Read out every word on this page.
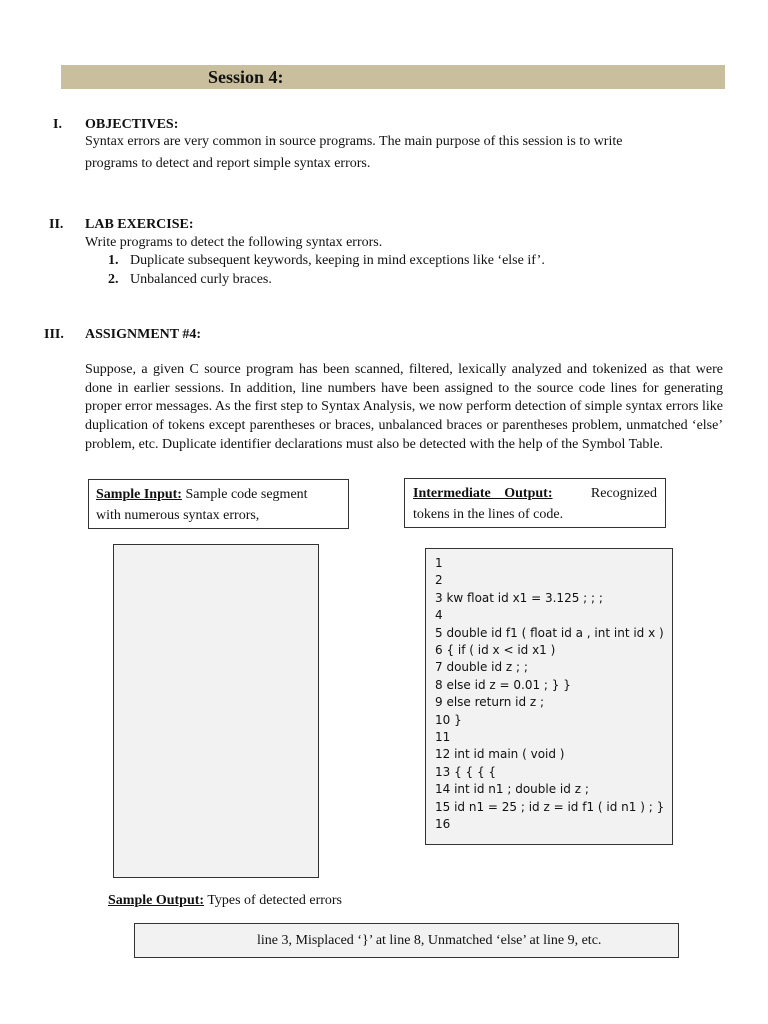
Session 4:
I. OBJECTIVES:
Syntax errors are very common in source programs. The main purpose of this session is to write
programs to detect and report simple syntax errors.
II. LAB EXERCISE:
Write programs to detect the following syntax errors.
1. Duplicate subsequent keywords, keeping in mind exceptions like ‘else if’.
2. Unbalanced curly braces.
III. ASSIGNMENT #4:
Suppose, a given C source program has been scanned, filtered, lexically analyzed and tokenized as that were done in earlier sessions. In addition, line numbers have been assigned to the source code lines for generating proper error messages. As the first step to Syntax Analysis, we now perform detection of simple syntax errors like duplication of tokens except parentheses or braces, unbalanced braces or parentheses problem, unmatched ‘else’ problem, etc. Duplicate identifier declarations must also be detected with the help of the Symbol Table.
Sample Input: Sample code segment
with numerous syntax errors,
Intermediate Output:	Recognized
tokens in the lines of code.
1
2
3 kw float id x1 = 3.125 ; ; ;
4
5 double id f1 ( float id a , int int id x )
6 { if ( id x < id x1 )
7 double id z ; ;
8 else id z = 0.01 ; } }
9 else return id z ;
10 }
11
12 int id main ( void )
13 { { { {
14 int id n1 ; double id z ;
15 id n1 = 25 ; id z = id f1 ( id n1 ) ; }
16
Sample Output: Types of detected errors
line 3, Misplaced ‘}’ at line 8, Unmatched ‘else’ at line 9, etc.
